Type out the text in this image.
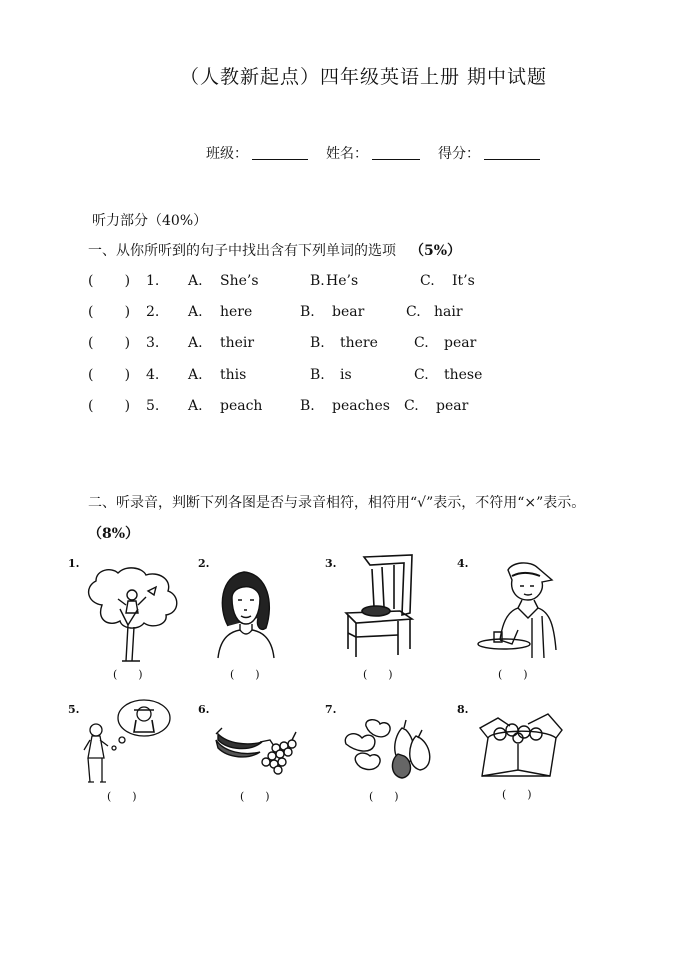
（人教新起点）四年级英语上册 期中试题
班级：	姓名：	得分：
听力部分（40%）
一、从你所听到的句子中找出含有下列单词的选项 （5%）
(       ) 1. A. She’s	B. He’s	C. It’s
(       ) 2. A. here	B. bear	C. hair
(       ) 3. A. their	B. there	C. pear
(       ) 4. A. this	B. is	C. these
(       ) 5. A. peach	B. peaches C. pear
二、听录音，判断下列各图是否与录音相符，相符用“√”表示，不符用“×”表示。
（8%）
1.
(      )
2.
(      )
3.
(      )
4.
(      )
5.
(      )
6.
(      )
7.
(      )
8.
(      )
